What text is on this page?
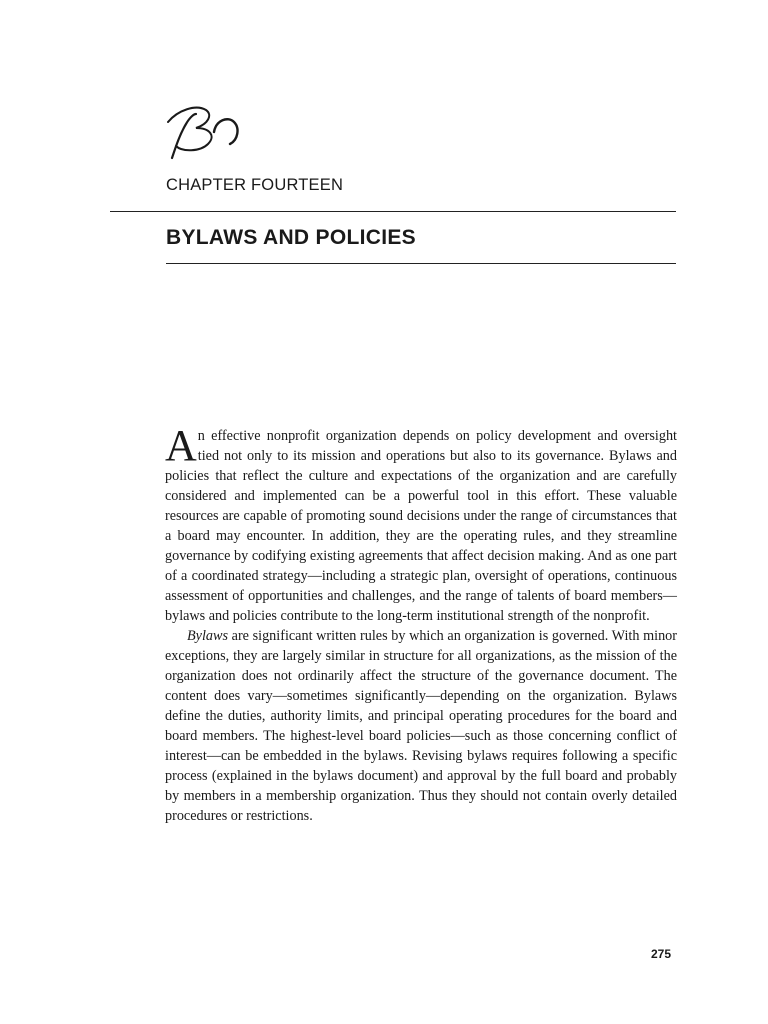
CHAPTER FOURTEEN
BYLAWS AND POLICIES

An effective nonprofit organization depends on policy development and oversight tied not only to its mission and operations but also to its governance. Bylaws and policies that reflect the culture and expectations of the organization and are carefully considered and implemented can be a powerful tool in this effort. These valuable resources are capable of promoting sound decisions under the range of circumstances that a board may encounter. In addition, they are the operating rules, and they streamline governance by codifying existing agreements that affect decision making. And as one part of a coordinated strategy—including a strategic plan, oversight of operations, continuous assessment of opportunities and challenges, and the range of talents of board members—bylaws and policies contribute to the long-term institutional strength of the nonprofit.

Bylaws are significant written rules by which an organization is governed. With minor exceptions, they are largely similar in structure for all organizations, as the mission of the organization does not ordinarily affect the structure of the governance document. The content does vary—sometimes significantly—depending on the organization. Bylaws define the duties, authority limits, and principal operating procedures for the board and board members. The highest-level board policies—such as those concerning conflict of interest—can be embedded in the bylaws. Revising bylaws requires following a specific process (explained in the bylaws document) and approval by the full board and probably by members in a membership organization. Thus they should not contain overly detailed procedures or restrictions.

275
